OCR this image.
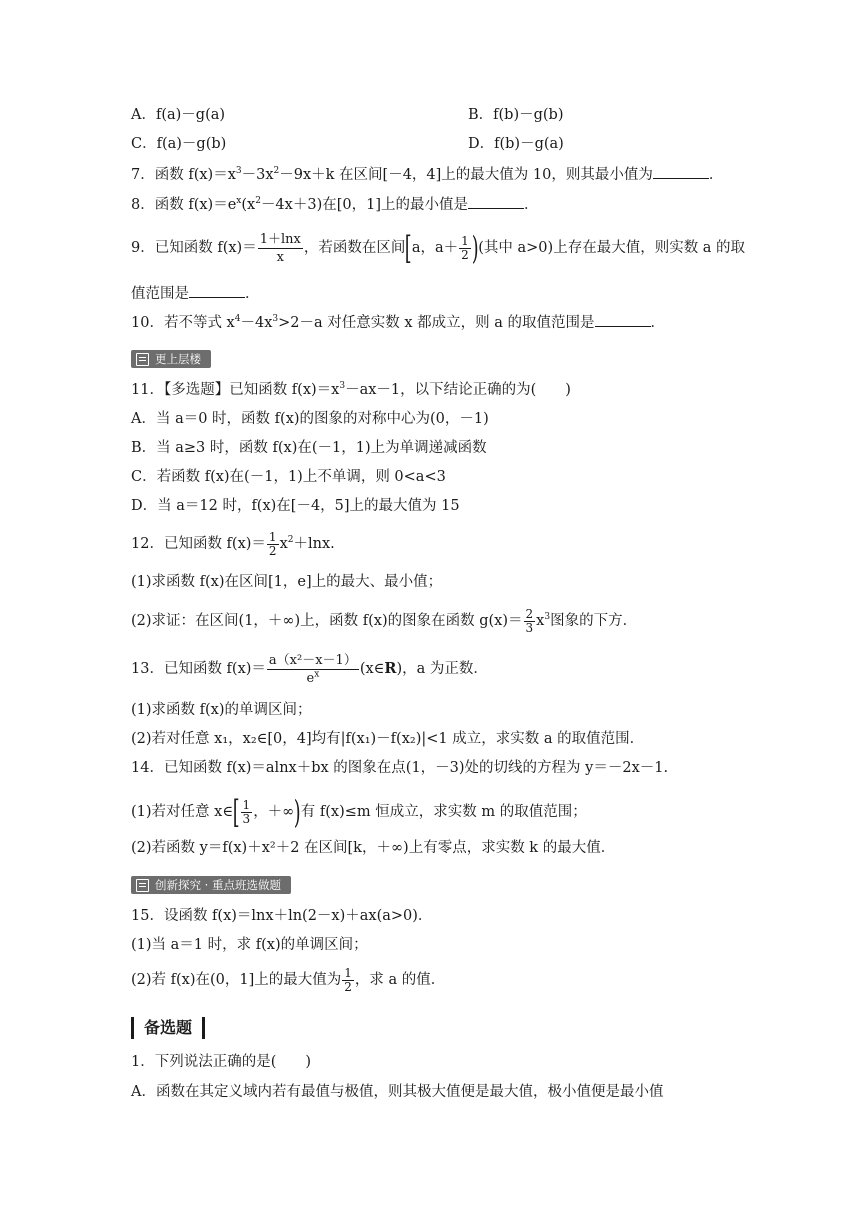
A．f(a)－g(a)	B．f(b)－g(b)
C．f(a)－g(b)	D．f(b)－g(a)
7．函数 $f(x)=x^3-3x^2-9x+k$ 在区间[－4，4]上的最大值为 10，则其最小值为	．
8．函数 $f(x)=e^x(x^2-4x+3)$在[0，1]上的最小值是	．
9．已知函数 $f(x)= \frac{1+\ln x}{x}$ ，若函数在区间[a，$a+ \frac{1}{2}$ )(其中 a>0)上存在最大值，则实数 a 的取
值范围是	．
10．若不等式 $x^4-4x^3>2-a$ 对任意实数 x 都成立，则 a 的取值范围是	．
更上层楼
11．【多选题】已知函数 $f(x)=x^3-ax-1$，以下结论正确的为(　　)
A．当 a＝0 时，函数 f(x)的图象的对称中心为(0，－1)
B．当 a≥3 时，函数 f(x)在(－1，1)上为单调递减函数
C．若函数 f(x)在(－1，1)上不单调，则 0<a<3
D．当 a＝12 时，f(x)在[－4，5]上的最大值为 15
12．已知函数 $f(x)= \frac{1}{2} x^2+\ln x$.
(1)求函数 f(x)在区间[1，e]上的最大、最小值；
(2)求证：在区间(1，＋∞)上，函数 f(x)的图象在函数 $g(x)= \frac{2}{3} x^3$图象的下方．
13．已知函数 $f(x)= \frac{\text{a（x²－x－1）}}{e^x}$ (x∈R)，a 为正数．
(1)求函数 f(x)的单调区间；
(2)若对任意 x₁，x₂∈[0，4]均有|f(x₁)－f(x₂)|<1 成立，求实数 a 的取值范围．
14．已知函数 f(x)＝alnx＋bx 的图象在点(1，－3)处的切线的方程为 y＝－2x－1.
(1)若对任意 x∈[ $\frac{1}{3}$ ，＋∞)有 f(x)≤m 恒成立，求实数 m 的取值范围；
(2)若函数 y＝f(x)＋x²＋2 在区间[k，＋∞)上有零点，求实数 k 的最大值．
创新探究 · 重点班选做题
15．设函数 f(x)＝lnx＋ln(2－x)＋ax(a>0)．
(1)当 a＝1 时，求 f(x)的单调区间；
(2)若 f(x)在(0，1]上的最大值为 $\frac{1}{2}$ ，求 a 的值．
备选题
1．下列说法正确的是(　　)
A．函数在其定义域内若有最值与极值，则其极大值便是最大值，极小值便是最小值
